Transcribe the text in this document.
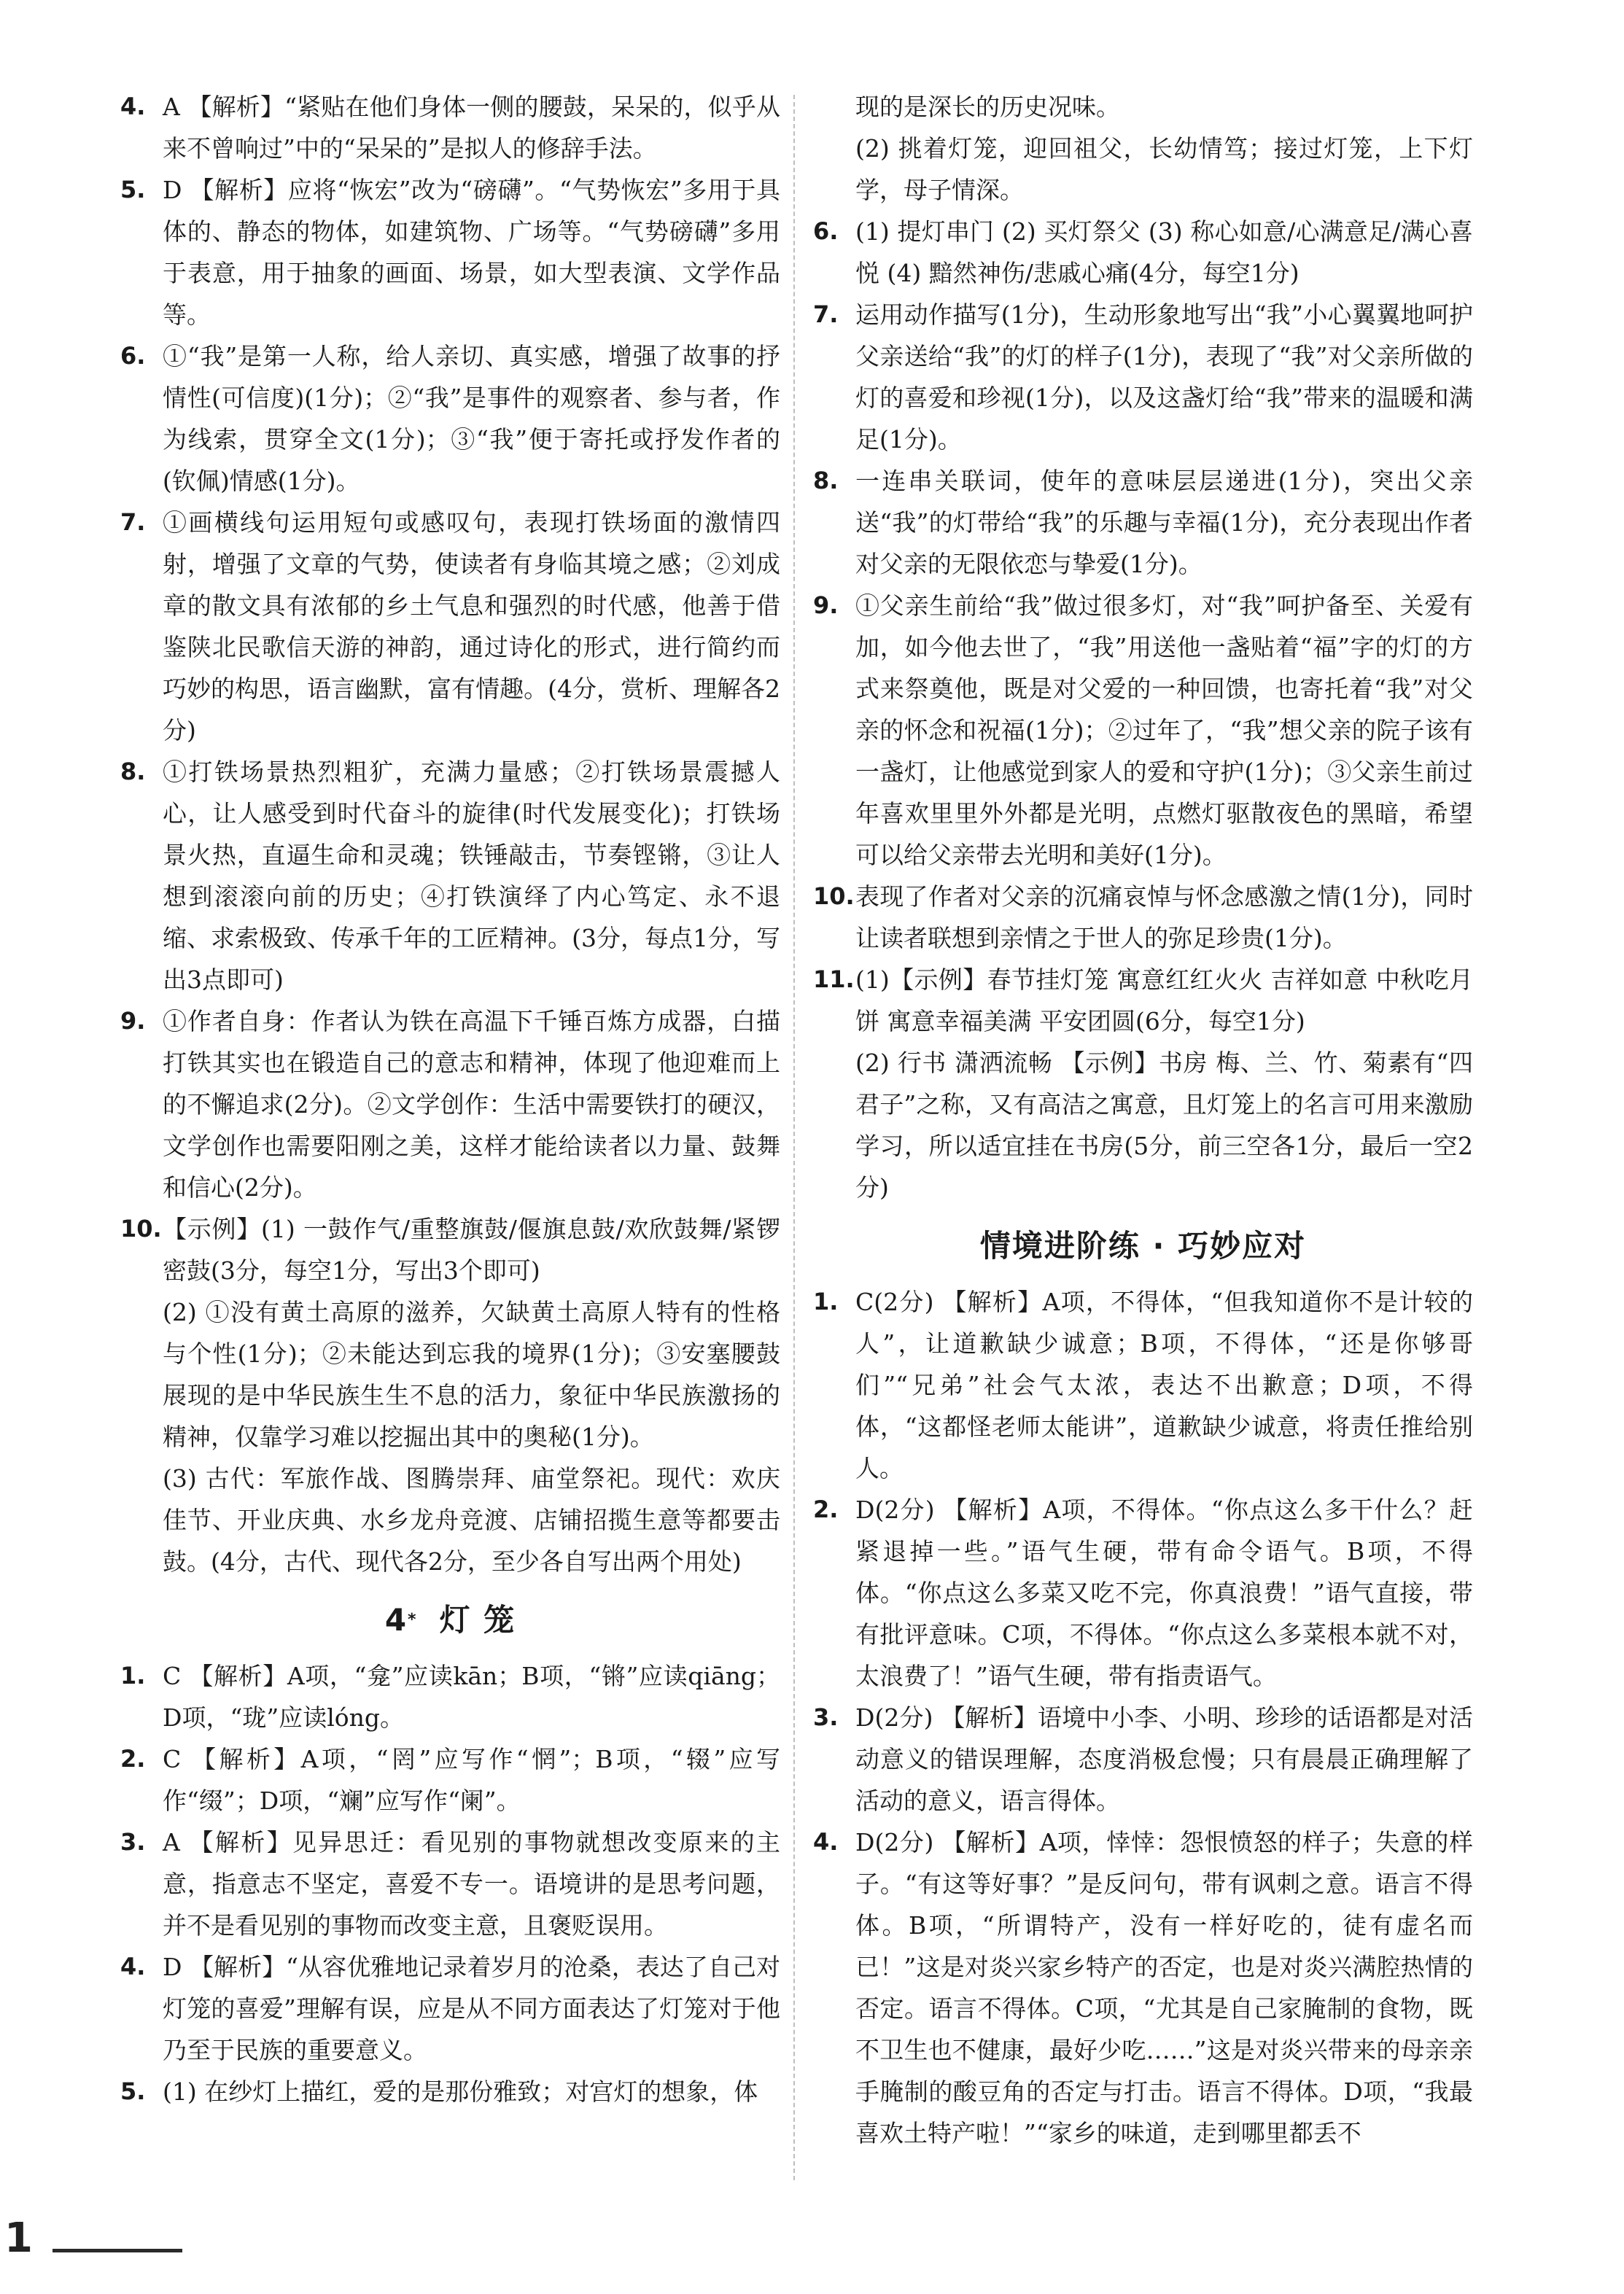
4. A 【解析】“紧贴在他们身体一侧的腰鼓，呆呆的，似乎从来不曾响过”中的“呆呆的”是拟人的修辞手法。
5. D 【解析】应将“恢宏”改为“磅礴”。“气势恢宏”多用于具体的、静态的物体，如建筑物、广场等。“气势磅礴”多用于表意，用于抽象的画面、场景，如大型表演、文学作品等。
6. ①“我”是第一人称，给人亲切、真实感，增强了故事的抒情性(可信度)(1分)；②“我”是事件的观察者、参与者，作为线索，贯穿全文(1分)；③“我”便于寄托或抒发作者的(钦佩)情感(1分)。
7. ①画横线句运用短句或感叹句，表现打铁场面的激情四射，增强了文章的气势，使读者有身临其境之感；②刘成章的散文具有浓郁的乡土气息和强烈的时代感，他善于借鉴陕北民歌信天游的神韵，通过诗化的形式，进行简约而巧妙的构思，语言幽默，富有情趣。(4分，赏析、理解各2分)
8. ①打铁场景热烈粗犷，充满力量感；②打铁场景震撼人心，让人感受到时代奋斗的旋律(时代发展变化)；打铁场景火热，直逼生命和灵魂；铁锤敲击，节奏铿锵，③让人想到滚滚向前的历史；④打铁演绎了内心笃定、永不退缩、求索极致、传承千年的工匠精神。(3分，每点1分，写出3点即可)
9. ①作者自身：作者认为铁在高温下千锤百炼方成器，白描打铁其实也在锻造自己的意志和精神，体现了他迎难而上的不懈追求(2分)。②文学创作：生活中需要铁打的硬汉，文学创作也需要阳刚之美，这样才能给读者以力量、鼓舞和信心(2分)。
10. 【示例】(1) 一鼓作气/重整旗鼓/偃旗息鼓/欢欣鼓舞/紧锣密鼓(3分，每空1分，写出3个即可)
(2) ①没有黄土高原的滋养，欠缺黄土高原人特有的性格与个性(1分)；②未能达到忘我的境界(1分)；③安塞腰鼓展现的是中华民族生生不息的活力，象征中华民族激扬的精神，仅靠学习难以挖掘出其中的奥秘(1分)。
(3) 古代：军旅作战、图腾崇拜、庙堂祭祀。现代：欢庆佳节、开业庆典、水乡龙舟竞渡、店铺招揽生意等都要击鼓。(4分，古代、现代各2分，至少各自写出两个用处)
4* 灯 笼
1. C 【解析】A项，“龛”应读kān；B项，“锵”应读qiāng；D项，“珑”应读lóng。
2. C 【解析】A项，“罔”应写作“惘”；B项，“辍”应写作“缀”；D项，“斓”应写作“阑”。
3. A 【解析】见异思迁：看见别的事物就想改变原来的主意，指意志不坚定，喜爱不专一。语境讲的是思考问题，并不是看见别的事物而改变主意，且褒贬误用。
4. D 【解析】“从容优雅地记录着岁月的沧桑，表达了自己对灯笼的喜爱”理解有误，应是从不同方面表达了灯笼对于他乃至于民族的重要意义。
5. (1) 在纱灯上描红，爱的是那份雅致；对宫灯的想象，体
现的是深长的历史况味。
(2) 挑着灯笼，迎回祖父，长幼情笃；接过灯笼，上下灯学，母子情深。
6. (1) 提灯串门 (2) 买灯祭父 (3) 称心如意/心满意足/满心喜悦 (4) 黯然神伤/悲戚心痛(4分，每空1分)
7. 运用动作描写(1分)，生动形象地写出“我”小心翼翼地呵护父亲送给“我”的灯的样子(1分)，表现了“我”对父亲所做的灯的喜爱和珍视(1分)，以及这盏灯给“我”带来的温暖和满足(1分)。
8. 一连串关联词，使年的意味层层递进(1分)，突出父亲送“我”的灯带给“我”的乐趣与幸福(1分)，充分表现出作者对父亲的无限依恋与挚爱(1分)。
9. ①父亲生前给“我”做过很多灯，对“我”呵护备至、关爱有加，如今他去世了，“我”用送他一盏贴着“福”字的灯的方式来祭奠他，既是对父爱的一种回馈，也寄托着“我”对父亲的怀念和祝福(1分)；②过年了，“我”想父亲的院子该有一盏灯，让他感觉到家人的爱和守护(1分)；③父亲生前过年喜欢里里外外都是光明，点燃灯驱散夜色的黑暗，希望可以给父亲带去光明和美好(1分)。
10. 表现了作者对父亲的沉痛哀悼与怀念感激之情(1分)，同时让读者联想到亲情之于世人的弥足珍贵(1分)。
11. (1)【示例】春节挂灯笼 寓意红红火火 吉祥如意 中秋吃月饼 寓意幸福美满 平安团圆(6分，每空1分)
(2) 行书 潇洒流畅 【示例】书房 梅、兰、竹、菊素有“四君子”之称，又有高洁之寓意，且灯笼上的名言可用来激励学习，所以适宜挂在书房(5分，前三空各1分，最后一空2分)
情境进阶练 · 巧妙应对
1. C(2分) 【解析】A项，不得体，“但我知道你不是计较的人”，让道歉缺少诚意；B项，不得体，“还是你够哥们”“兄弟”社会气太浓，表达不出歉意；D项，不得体，“这都怪老师太能讲”，道歉缺少诚意，将责任推给别人。
2. D(2分) 【解析】A项，不得体。“你点这么多干什么？赶紧退掉一些。”语气生硬，带有命令语气。B项，不得体。“你点这么多菜又吃不完，你真浪费！”语气直接，带有批评意味。C项，不得体。“你点这么多菜根本就不对，太浪费了！”语气生硬，带有指责语气。
3. D(2分) 【解析】语境中小李、小明、珍珍的话语都是对活动意义的错误理解，态度消极怠慢；只有晨晨正确理解了活动的意义，语言得体。
4. D(2分) 【解析】A项，悻悻：怨恨愤怒的样子；失意的样子。“有这等好事？”是反问句，带有讽刺之意。语言不得体。B项，“所谓特产，没有一样好吃的，徒有虚名而已！”这是对炎兴家乡特产的否定，也是对炎兴满腔热情的否定。语言不得体。C项，“尤其是自己家腌制的食物，既不卫生也不健康，最好少吃……”这是对炎兴带来的母亲亲手腌制的酸豆角的否定与打击。语言不得体。D项，“我最喜欢土特产啦！”“家乡的味道，走到哪里都丢不
1
